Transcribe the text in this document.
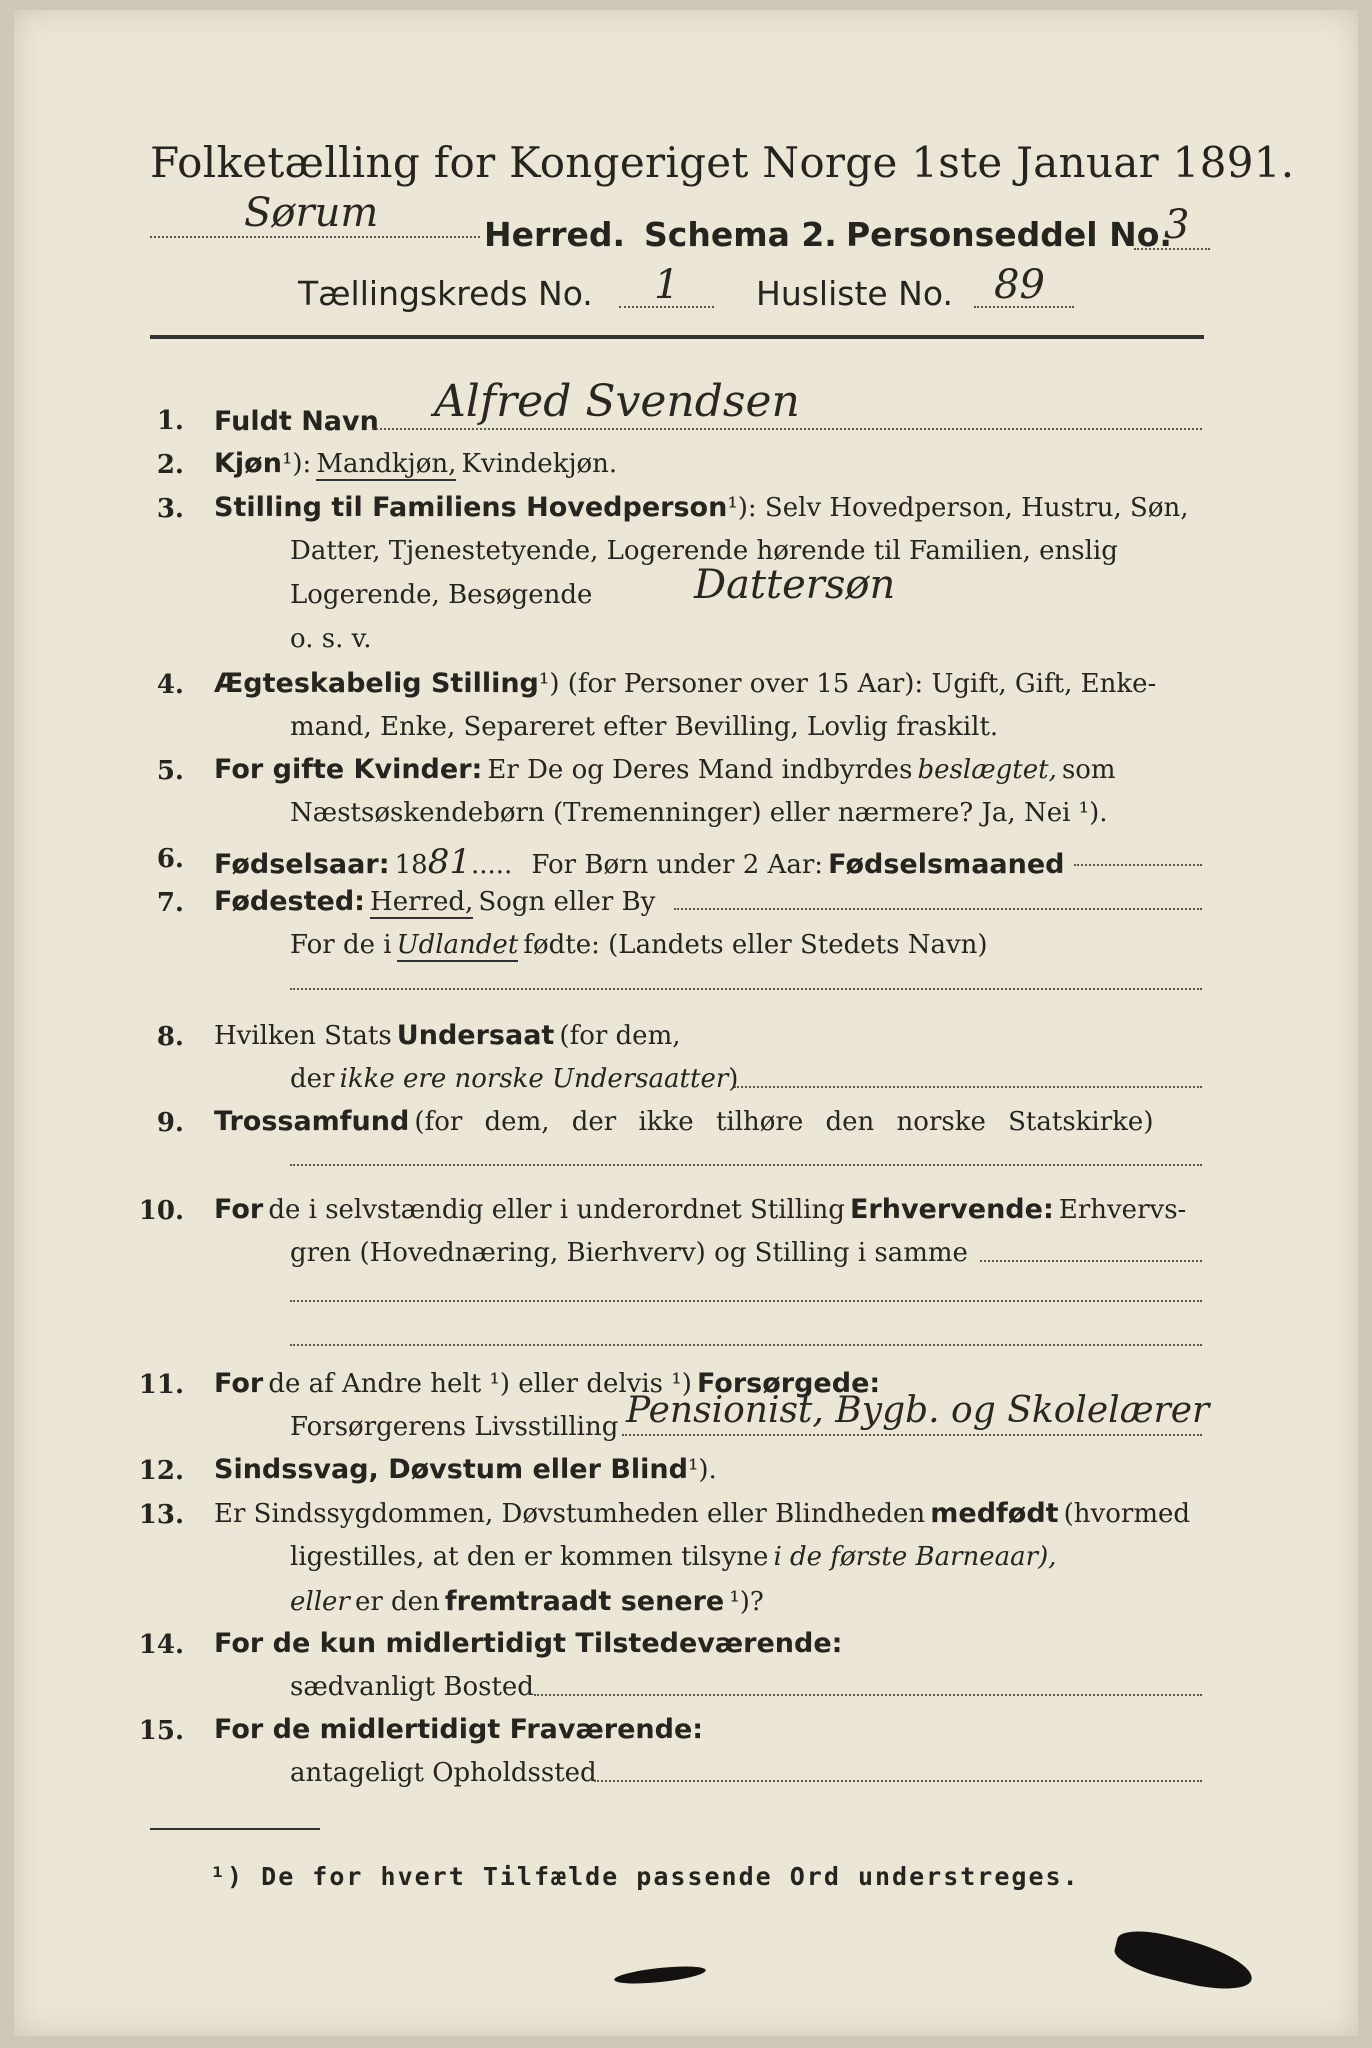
Folketælling for Kongeriget Norge 1ste Januar 1891.
Sørum	Herred. Schema 2. Personseddel No.
3
Tællingskreds No. 1 Husliste No. 89
1. Fuldt Navn Alfred Svendsen
2. Kjøn¹): Mandkjøn, Kvindekjøn.
3. Stilling til Familiens Hovedperson¹): Selv Hovedperson, Hustru, Søn,
Datter, Tjenestetyende, Logerende hørende til Familien, enslig
Logerende, Besøgende	Dattersøn
o. s. v.
4. Ægteskabelig Stilling¹) (for Personer over 15 Aar): Ugift, Gift, Enke-
mand, Enke, Separeret efter Bevilling, Lovlig fraskilt.
5. For gifte Kvinder: Er De og Deres Mand indbyrdes beslægtet, som
Næstsøskendebørn (Tremenninger) eller nærmere? Ja, Nei ¹).
6. Fødselsaar: 1881..... For Børn under 2 Aar: Fødselsmaaned
7. Fødested: Herred, Sogn eller By
For de i Udlandet fødte: (Landets eller Stedets Navn)
8. Hvilken Stats Undersaat (for dem,
der ikke ere norske Undersaatter)
9. Trossamfund (for dem, der ikke tilhøre den norske Statskirke)
10. For de i selvstændig eller i underordnet Stilling Erhvervende: Erhvervs-
gren (Hovednæring, Bierhverv) og Stilling i samme
11. For de af Andre helt ¹) eller delvis ¹) Forsørgede:
Forsørgerens Livsstilling Pensionist, Bygb. og Skolelærer
12. Sindssvag, Døvstum eller Blind¹).
13. Er Sindssygdommen, Døvstumheden eller Blindheden medfødt (hvormed
ligestilles, at den er kommen tilsyne i de første Barneaar),
eller er den fremtraadt senere ¹)?
14. For de kun midlertidigt Tilstedeværende:
sædvanligt Bosted
15. For de midlertidigt Fraværende:
antageligt Opholdssted
¹) De for hvert Tilfælde passende Ord understreges.
